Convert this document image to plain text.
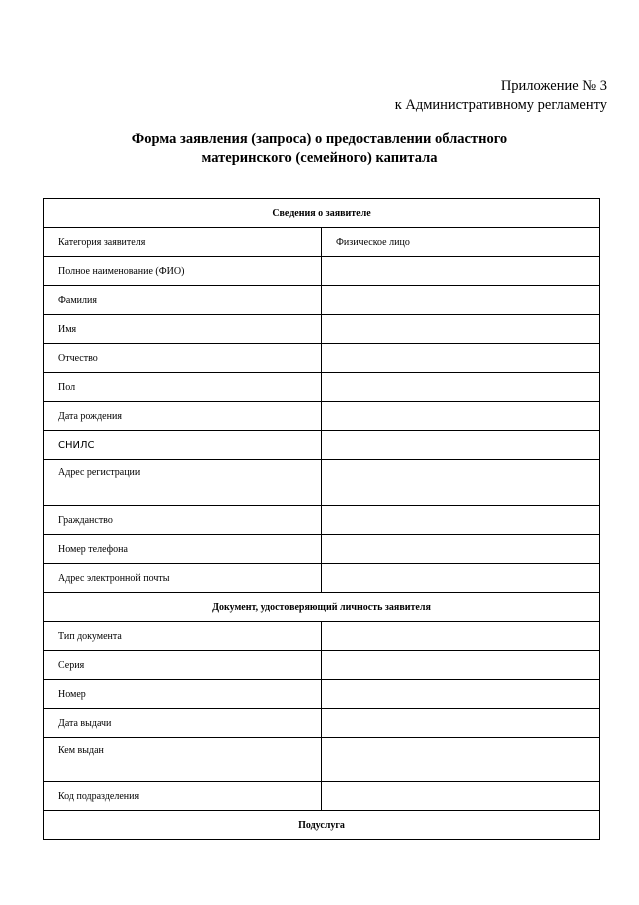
Приложение № 3
к Административному регламенту
Форма заявления (запроса) о предоставлении областного
материнского (семейного) капитала
Сведения о заявителе	
Категория заявителя	Физическое лицо
Полное наименование (ФИО)	
Фамилия	
Имя	
Отчество	
Пол	
Дата рождения	
СНИЛС	
Адрес регистрации	
Гражданство	
Номер телефона	
Адрес электронной почты	
Документ, удостоверяющий личность заявителя	
Тип документа	
Серия	
Номер	
Дата выдачи	
Кем выдан	
Код подразделения	
Подуслуга	
